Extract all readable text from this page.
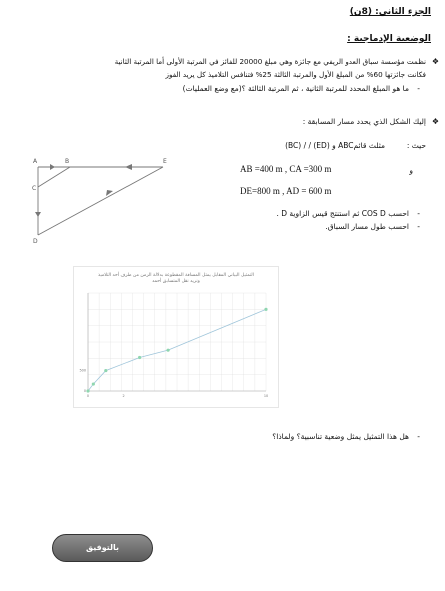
الجزء الثاني: (8ن)
الوضعية الإدماجية :
❖
نظمت مؤسسة سباق العدو الريفي مع جائزة وهي مبلغ 20000 للفائز في المرتبة الأولى أما المرتبة الثانية
فكانت جائزتها 60% من المبلغ الأول والمرتبة الثالثة 25% فتنافس التلاميذ كل يريد الفوز
-
ما هو المبلغ المحدد للمرتبة الثانية ، ثم المرتبة الثالثة ؟(مع وضع العمليات)
❖
إليك الشكل الذي يحدد مسار المسابقة :
حيث :
(BC) / / (ED) و ABCمثلث قائم
و
AB =400 m , CA =300 m
DE=800 m , AD = 600 m
-
احسب COS D ثم استنتج قيس الزاوية D .
-
احسب طول مسار السباق.
A	B
C
E
D
التمثيل البياني المقابل يمثل المسافة المقطوعة بدلالة الزمن من طرف أحد التلاميذ
ونريد نقل المتسابق أحمد
0	2	10
0
500
-
هل هذا التمثيل يمثل وضعية تناسبية؟ ولماذا؟
بالتوفيق
